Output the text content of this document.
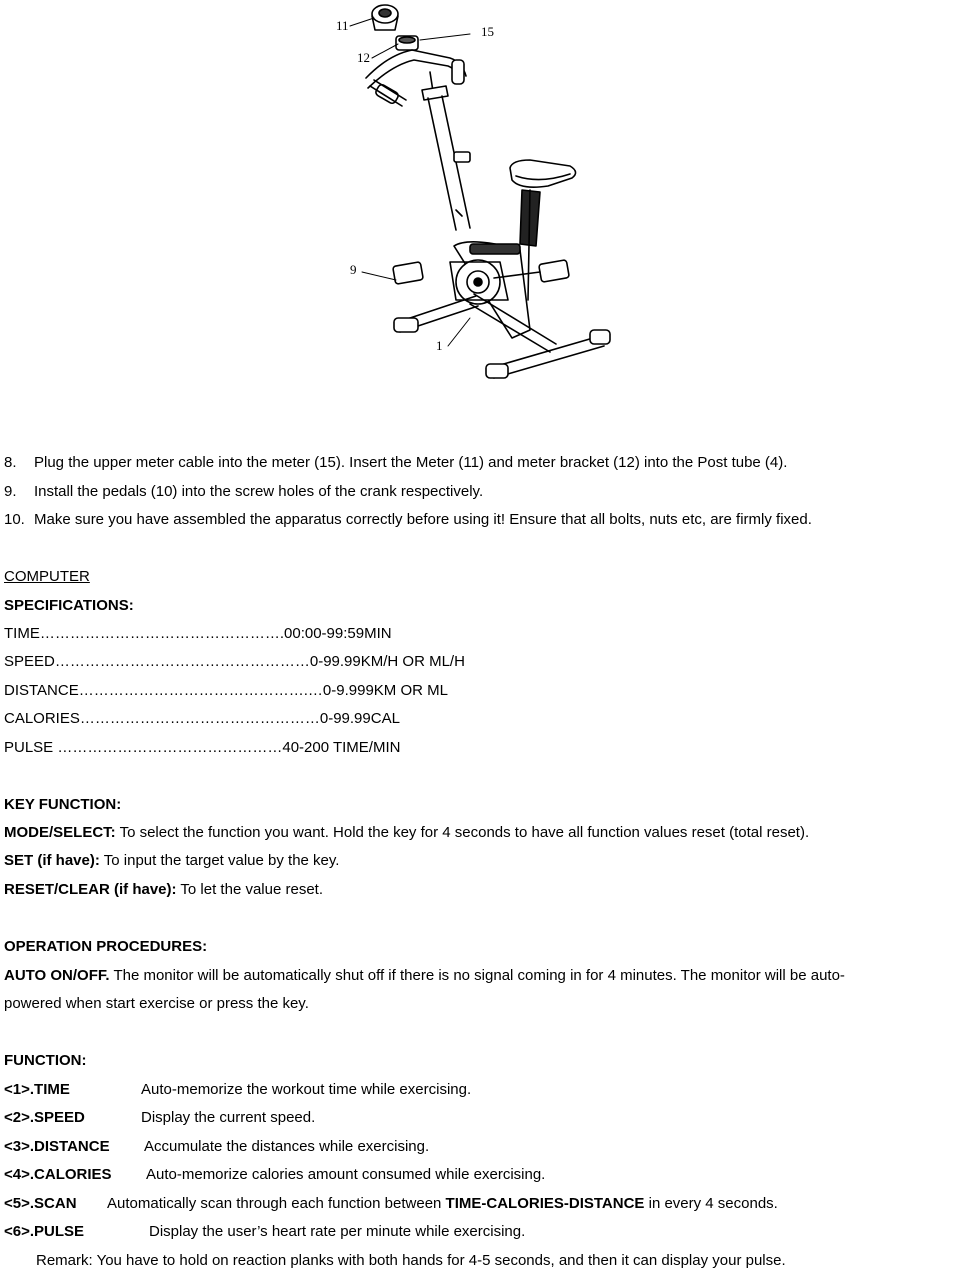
11
12
15
9
1
8. Plug the upper meter cable into the meter (15). Insert the Meter (11) and meter bracket (12) into the Post tube (4).
9. Install the pedals (10) into the screw holes of the crank respectively.
10. Make sure you have assembled the apparatus correctly before using it! Ensure that all bolts, nuts etc, are firmly fixed.
COMPUTER
SPECIFICATIONS:
TIME………………………………………….00:00-99:59MIN
SPEED……………………………………………0-99.99KM/H OR ML/H
DISTANCE……………………………………….…0-9.999KM OR ML
CALORIES…………………………………………0-99.99CAL
PULSE ………………………………………40-200 TIME/MIN
KEY FUNCTION:
MODE/SELECT: To select the function you want. Hold the key for 4 seconds to have all function values reset (total reset).
SET (if have): To input the target value by the key.
RESET/CLEAR (if have): To let the value reset.
OPERATION PROCEDURES:
AUTO ON/OFF. The monitor will be automatically shut off if there is no signal coming in for 4 minutes. The monitor will be auto-
powered when start exercise or press the key.
FUNCTION:
<1>.TIME	Auto-memorize the workout time while exercising.
<2>.SPEED	Display the current speed.
<3>.DISTANCE Accumulate the distances while exercising.
<4>.CALORIES Auto-memorize calories amount consumed while exercising.
<5>.SCAN Automatically scan through each function between TIME-CALORIES-DISTANCE in every 4 seconds.
<6>.PULSE	Display the user’s heart rate per minute while exercising.
Remark: You have to hold on reaction planks with both hands for 4-5 seconds, and then it can display your pulse.
